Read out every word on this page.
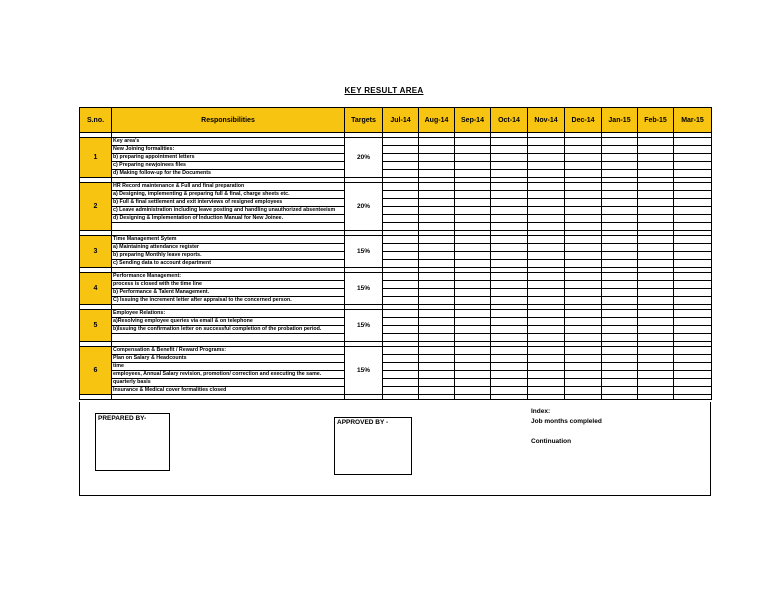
KEY RESULT AREA
S.no.	Responsibilities	Targets	Jul-14	Aug-14	Sep-14	Oct-14	Nov-14	Dec-14	Jan-15	Feb-15	Mar-15

1	Key area's	20%									
	New Joining formalities:										
	b) preparing appointment letters										
	c) Preparing newjoinees files										
	d) Making follow-up for the Documents										

2	HR Record maintenance & Full and final preparation	20%									
	a) Designing, implementing & preparing full & final, charge sheets etc.										
	b) Full & final settlement and exit interviews of resigned employees										
	c) Leave administration including leave posting and handling unauthorized absenteeism										
	d) Designing & Implementation of Induction Manual for New Joinee.										

3	Time Management Sytem	15%									
	a) Maintaining attendance register										
	b) preparing Monthly leave reports.										
	c) Sending data to account department										

4	Performance Management:	15%									
	process is closed with the time line										
	b) Performance & Talent Management.										
	C) Issuing the increment letter after appraisal to the concerned person.										

5	Employee Relations:	15%									
	a)Resolving employee queries via email & on telephone										
	b)Issuing the confirmation letter on successful completion of the probation period.										

6	Compensation & Benefit / Reward Programs:	15%									
	Plan on Salary & Headcounts										
	time										
	employees, Annual Salary revision, promotion/ correction and executing the same.										
	quarterly basis										
	Insurance & Medical cover formalities closed										

PREPARED BY-
APPROVED BY -
Index:
Job months compleled
Continuation
